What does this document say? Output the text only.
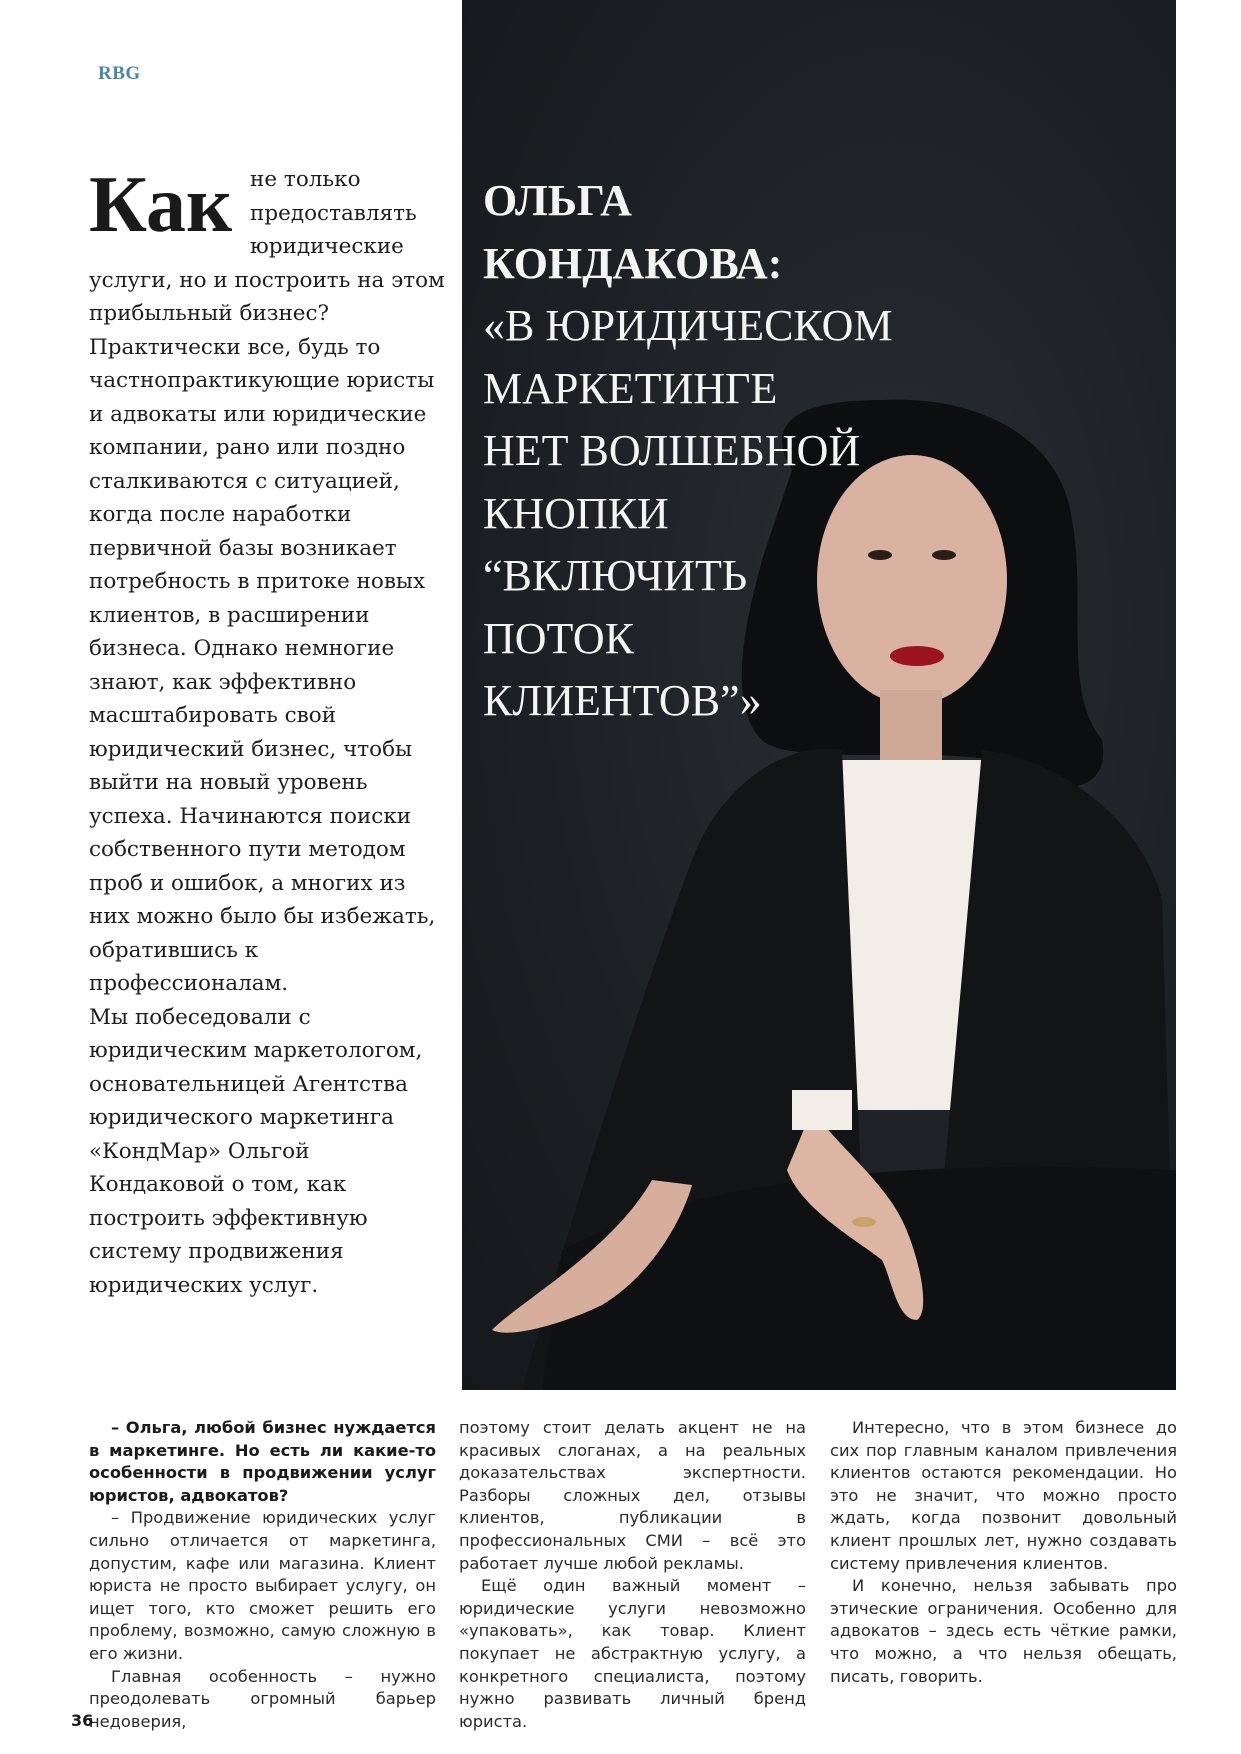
RBG
Как не только предоставлять юридические услуги, но и построить на этом прибыльный бизнес? Практически все, будь то частнопрактикующие юристы и адвокаты или юридические компании, рано или поздно сталкиваются с ситуацией, когда после наработки первичной базы возникает потребность в притоке новых клиентов, в расширении бизнеса. Однако немногие знают, как эффективно масштабировать свой юридический бизнес, чтобы выйти на новый уровень успеха. Начинаются поиски собственного пути методом проб и ошибок, а многих из них можно было бы избежать, обратившись к профессионалам.
Мы побеседовали с юридическим маркетологом, основательницей Агентства юридического маркетинга «КондМар» Ольгой Кондаковой о том, как построить эффективную систему продвижения юридических услуг.
ОЛЬГА
КОНДАКОВА:
«В ЮРИДИЧЕСКОМ
МАРКЕТИНГЕ
НЕТ ВОЛШЕБНОЙ
КНОПКИ
“ВКЛЮЧИТЬ
ПОТОК
КЛИЕНТОВ”»

– Ольга, любой бизнес нуждается в маркетинге. Но есть ли какие-то особенности в продвижении услуг юристов, адвокатов?

– Продвижение юридических услуг сильно отличается от маркетинга, допустим, кафе или магазина. Клиент юриста не просто выбирает услугу, он ищет того, кто сможет решить его проблему, возможно, самую сложную в его жизни.

Главная особенность – нужно преодолевать огромный барьер недоверия,

поэтому стоит делать акцент не на красивых слоганах, а на реальных доказательствах экспертности. Разборы сложных дел, отзывы клиентов, публикации в профессиональных СМИ – всё это работает лучше любой рекламы.

Ещё один важный момент – юридические услуги невозможно «упаковать», как товар. Клиент покупает не абстрактную услугу, а конкретного специалиста, поэтому нужно развивать личный бренд юриста.

Интересно, что в этом бизнесе до сих пор главным каналом привлечения клиентов остаются рекомендации. Но это не значит, что можно просто ждать, когда позвонит довольный клиент прошлых лет, нужно создавать систему привлечения клиентов.

И конечно, нельзя забывать про этические ограничения. Особенно для адвокатов – здесь есть чёткие рамки, что можно, а что нельзя обещать, писать, говорить.

36
